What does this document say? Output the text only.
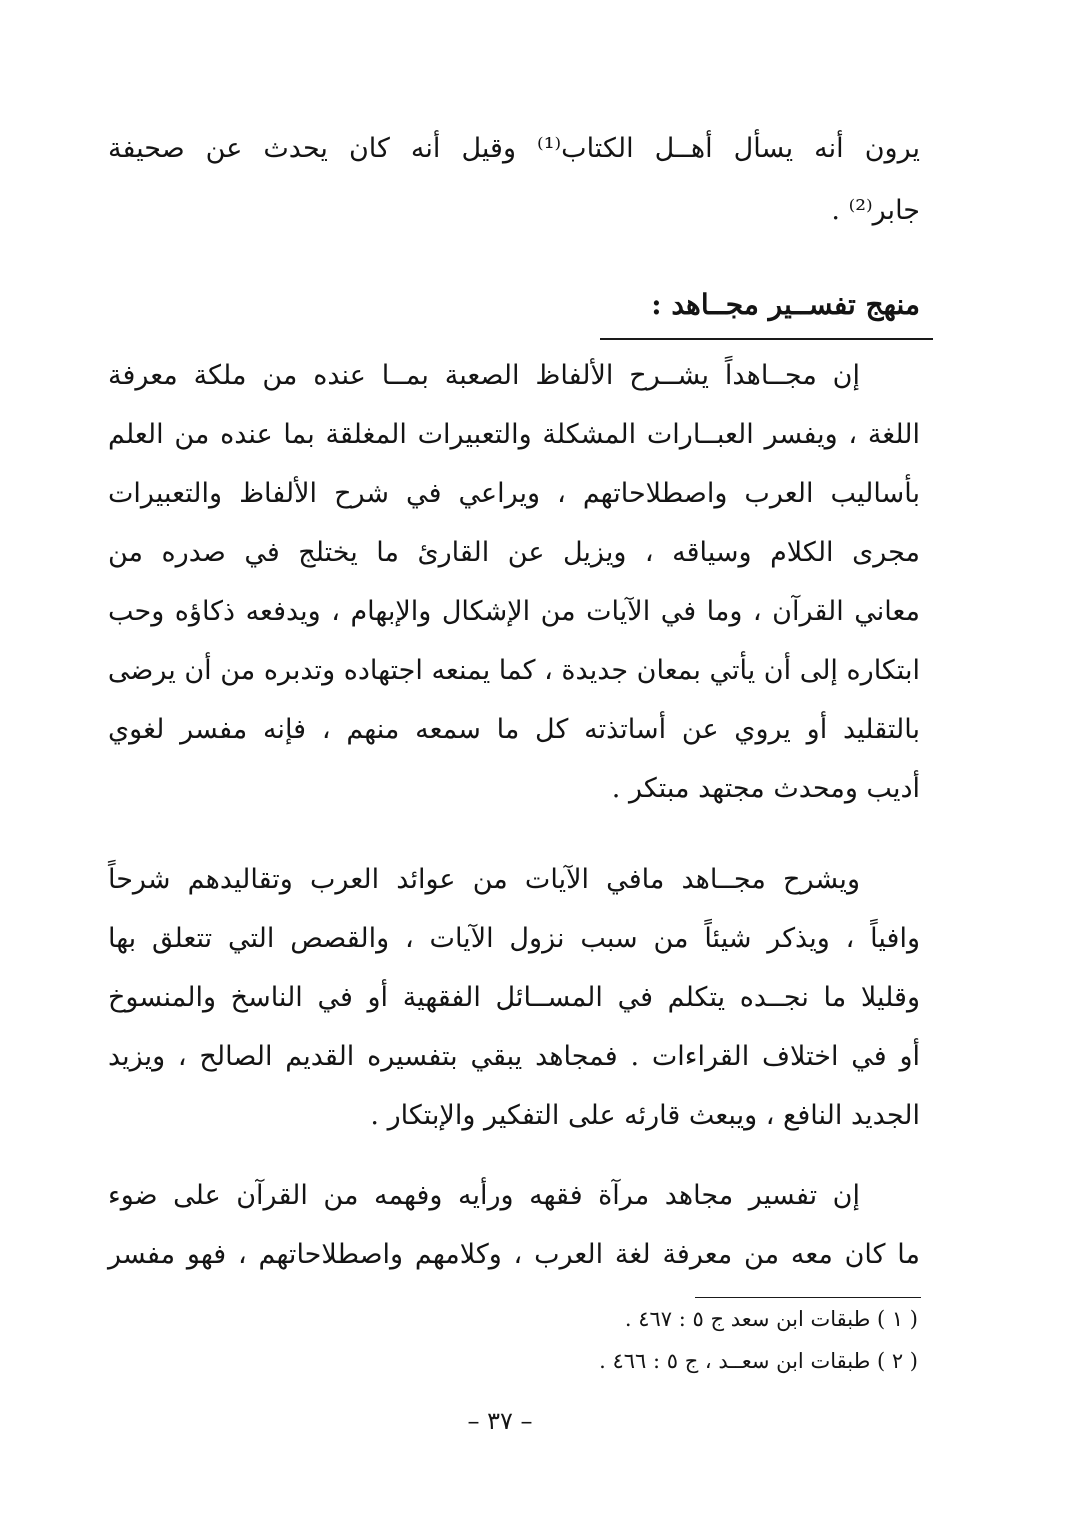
يرون أنه يسأل أهــل الكتاب⁽¹⁾ وقيل أنه كان يحدث عن صحيفة
جابر⁽²⁾ .
منهج تفســير مجــاهد :
إن مجــاهداً يشــرح الألفاظ الصعبة بمــا عنده من ملكة معرفة
اللغة ، ويفسر العبــارات المشكلة والتعبيرات المغلقة بما عنده من العلم
بأساليب العرب واصطلاحاتهم ، ويراعي في شرح الألفاظ والتعبيرات
مجرى الكلام وسياقه ، ويزيل عن القارئ ما يختلج في صدره من
معاني القرآن ، وما في الآيات من الإشكال والإبهام ، ويدفعه ذكاؤه وحب
ابتكاره إلى أن يأتي بمعان جديدة ، كما يمنعه اجتهاده وتدبره من أن يرضى
بالتقليد أو يروي عن أساتذته كل ما سمعه منهم ، فإنه مفسر لغوي
أديب ومحدث مجتهد مبتكر .
ويشرح مجــاهد مافي الآيات من عوائد العرب وتقاليدهم شرحاً
وافياً ، ويذكر شيئاً من سبب نزول الآيات ، والقصص التي تتعلق بها
وقليلا ما نجــده يتكلم في المســائل الفقهية أو في الناسخ والمنسوخ
أو في اختلاف القراءات . فمجاهد يبقي بتفسيره القديم الصالح ، ويزيد
الجديد النافع ، ويبعث قارئه على التفكير والإبتكار .
إن تفسير مجاهد مرآة فقهه ورأيه وفهمه من القرآن على ضوء
ما كان معه من معرفة لغة العرب ، وكلامهم واصطلاحاتهم ، فهو مفسر
( ١ ) طبقات ابن سعد ج ٥ : ٤٦٧ .
( ٢ ) طبقات ابن سعــد ، ج ٥ : ٤٦٦ .
– ٣٧ –
